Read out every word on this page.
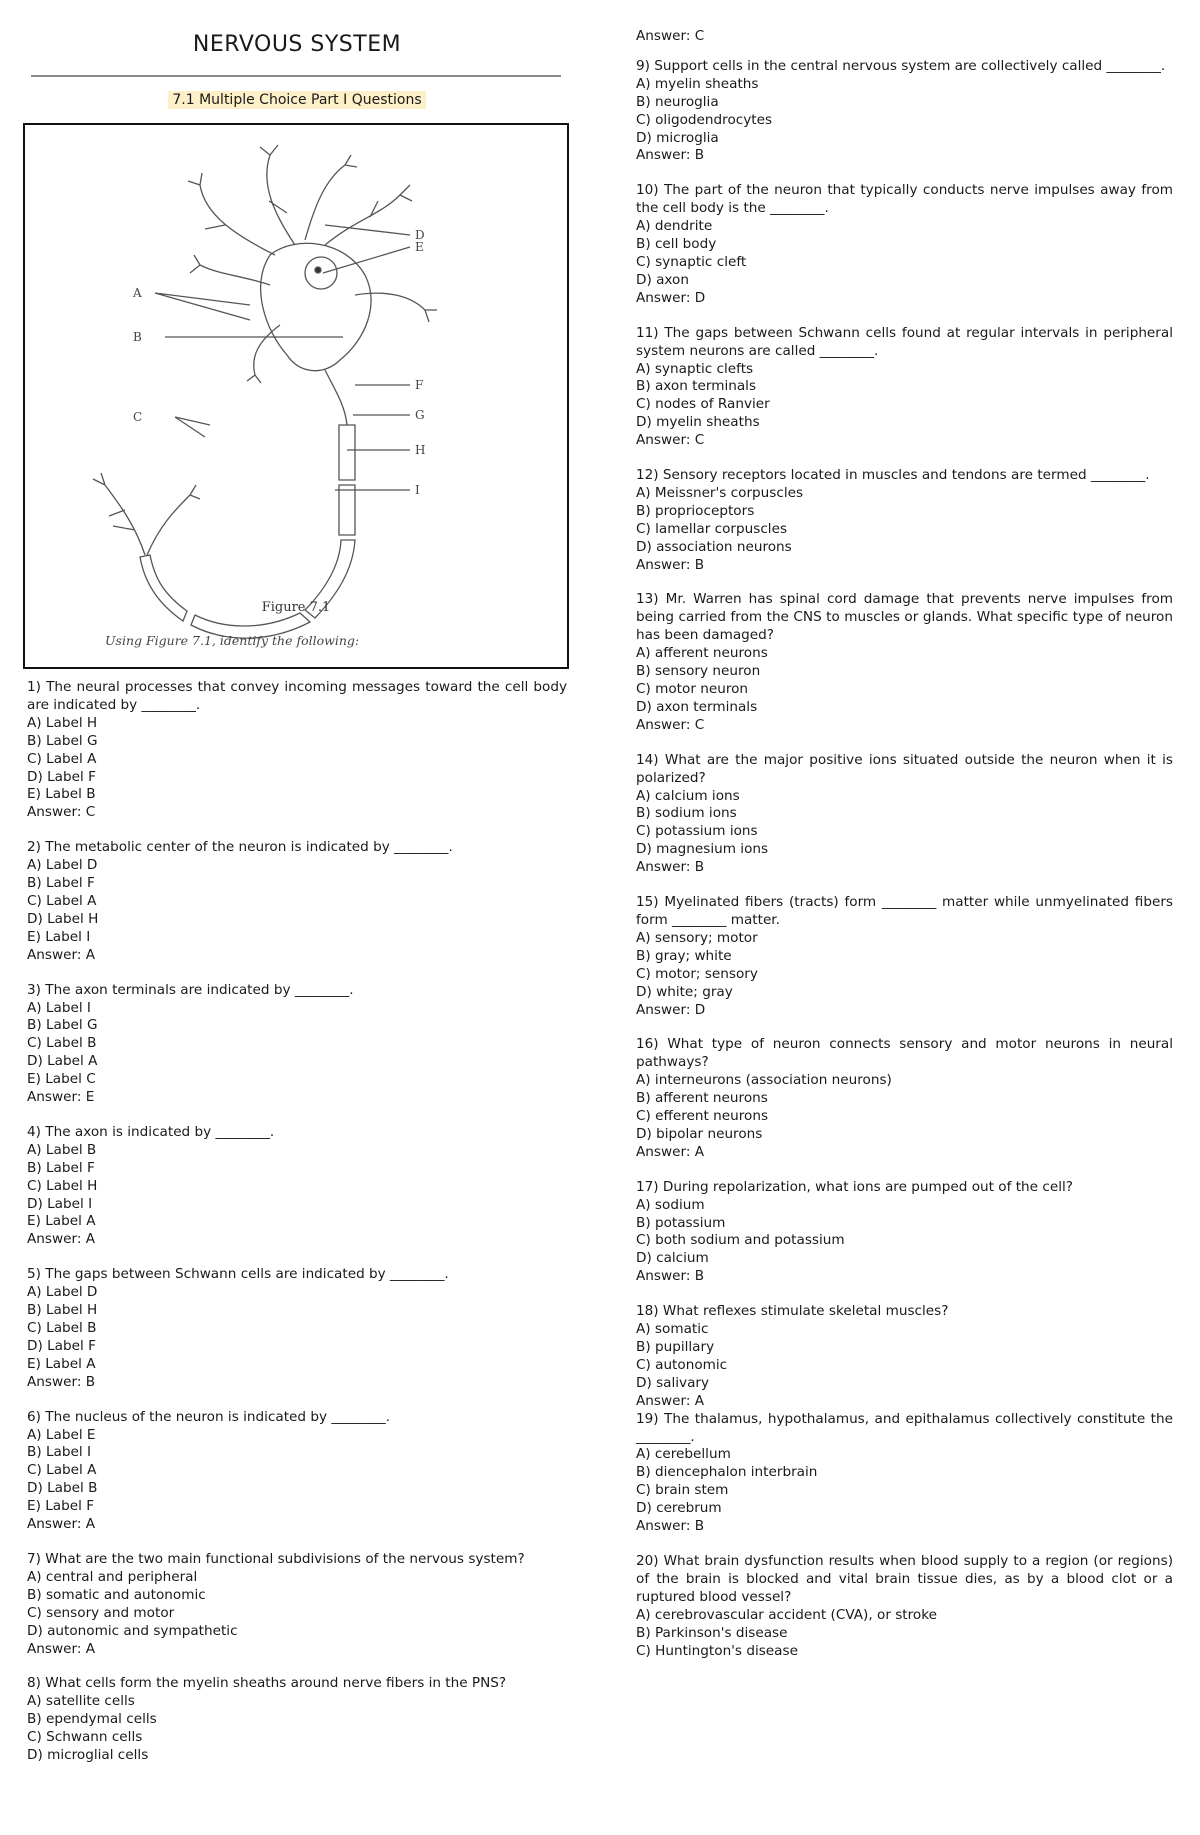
NERVOUS SYSTEM
7.1 Multiple Choice Part I Questions
A
B
C
D
E
F
G
H
I
Figure 7.1
Using Figure 7.1, identify the following:
1) The neural processes that convey incoming messages toward the cell body are indicated by ________.
A) Label H
B) Label G
C) Label A
D) Label F
E) Label B
Answer: C
2) The metabolic center of the neuron is indicated by ________.
A) Label D
B) Label F
C) Label A
D) Label H
E) Label I
Answer: A
3) The axon terminals are indicated by ________.
A) Label I
B) Label G
C) Label B
D) Label A
E) Label C
Answer: E
4) The axon is indicated by ________.
A) Label B
B) Label F
C) Label H
D) Label I
E) Label A
Answer: A
5) The gaps between Schwann cells are indicated by ________.
A) Label D
B) Label H
C) Label B
D) Label F
E) Label A
Answer: B
6) The nucleus of the neuron is indicated by ________.
A) Label E
B) Label I
C) Label A
D) Label B
E) Label F
Answer: A
7) What are the two main functional subdivisions of the nervous system?
A) central and peripheral
B) somatic and autonomic
C) sensory and motor
D) autonomic and sympathetic
Answer: A
8) What cells form the myelin sheaths around nerve fibers in the PNS?
A) satellite cells
B) ependymal cells
C) Schwann cells
D) microglial cells
Answer: C
9) Support cells in the central nervous system are collectively called ________.
A) myelin sheaths
B) neuroglia
C) oligodendrocytes
D) microglia
Answer: B
10) The part of the neuron that typically conducts nerve impulses away from the cell body is the ________.
A) dendrite
B) cell body
C) synaptic cleft
D) axon
Answer: D
11) The gaps between Schwann cells found at regular intervals in peripheral system neurons are called ________.
A) synaptic clefts
B) axon terminals
C) nodes of Ranvier
D) myelin sheaths
Answer: C
12) Sensory receptors located in muscles and tendons are termed ________.
A) Meissner's corpuscles
B) proprioceptors
C) lamellar corpuscles
D) association neurons
Answer: B
13) Mr. Warren has spinal cord damage that prevents nerve impulses from being carried from the CNS to muscles or glands. What specific type of neuron has been damaged?
A) afferent neurons
B) sensory neuron
C) motor neuron
D) axon terminals
Answer: C
14) What are the major positive ions situated outside the neuron when it is polarized?
A) calcium ions
B) sodium ions
C) potassium ions
D) magnesium ions
Answer: B
15) Myelinated fibers (tracts) form ________ matter while unmyelinated fibers form ________ matter.
A) sensory; motor
B) gray; white
C) motor; sensory
D) white; gray
Answer: D
16) What type of neuron connects sensory and motor neurons in neural pathways?
A) interneurons (association neurons)
B) afferent neurons
C) efferent neurons
D) bipolar neurons
Answer: A
17) During repolarization, what ions are pumped out of the cell?
A) sodium
B) potassium
C) both sodium and potassium
D) calcium
Answer: B
18) What reflexes stimulate skeletal muscles?
A) somatic
B) pupillary
C) autonomic
D) salivary
Answer: A
19) The thalamus, hypothalamus, and epithalamus collectively constitute the ________.
A) cerebellum
B) diencephalon interbrain
C) brain stem
D) cerebrum
Answer: B
20) What brain dysfunction results when blood supply to a region (or regions) of the brain is blocked and vital brain tissue dies, as by a blood clot or a ruptured blood vessel?
A) cerebrovascular accident (CVA), or stroke
B) Parkinson's disease
C) Huntington's disease
